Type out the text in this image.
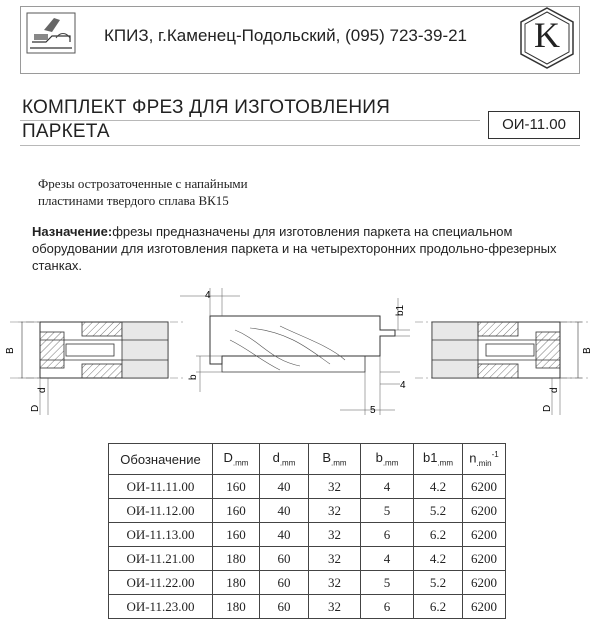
КПИЗ, г.Каменец-Подольский, (095) 723-39-21	K
КОМПЛЕКТ ФРЕЗ ДЛЯ ИЗГОТОВЛЕНИЯ
ПАРКЕТА	ОИ-11.00
Фрезы острозаточенные с напайными
пластинами твердого сплава ВК15
Назначение:фрезы предназначены для изготовления паркета на специальном оборудовании для изготовления паркета и на четырехторонних продольно-фрезерных станках.
B
d
D
4
b1
b
4
5
B
d
D
Обозначение	$D_{.mm}$	$d_{.mm}$	$B_{.mm}$	$b_{.mm}$	$b1_{.mm}$	$n_{.min}^{-1}$
ОИ-11.11.00	160	40	32	4	4.2	6200
ОИ-11.12.00	160	40	32	5	5.2	6200
ОИ-11.13.00	160	40	32	6	6.2	6200
ОИ-11.21.00	180	60	32	4	4.2	6200
ОИ-11.22.00	180	60	32	5	5.2	6200
ОИ-11.23.00	180	60	32	6	6.2	6200
